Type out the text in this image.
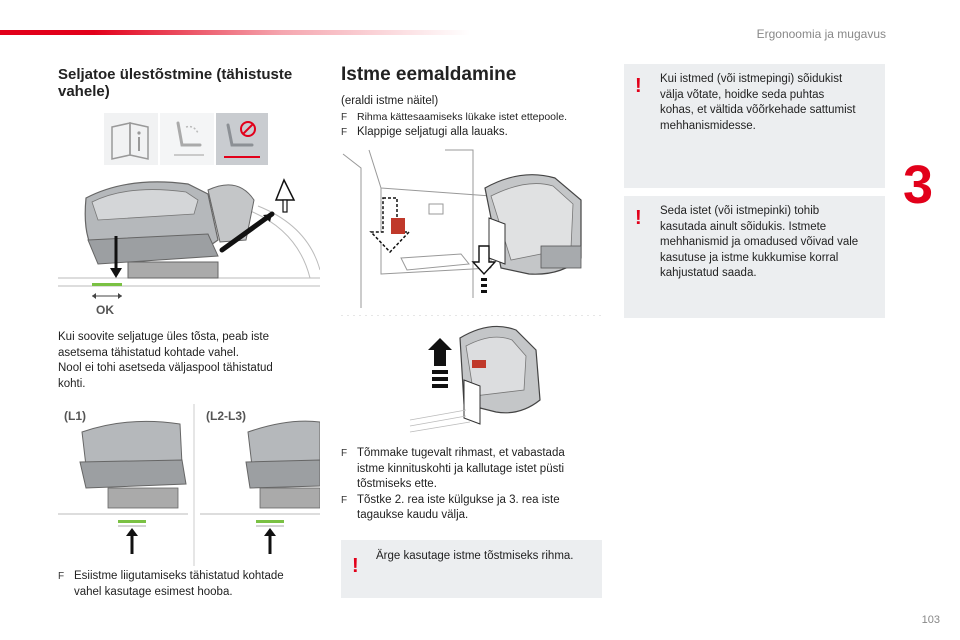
Ergonoomia ja mugavus
3
103
Seljatoe ülestõstmine (tähistuste vahele)
OK
Kui soovite seljatuge üles tõsta, peab iste
asetsema tähistatud kohtade vahel.
Nool ei tohi asetseda väljaspool tähistatud
kohti.
(L1)	(L2-L3)
F Esiistme liigutamiseks tähistatud kohtade
vahel kasutage esimest hooba.
Istme eemaldamine
(eraldi istme näitel)
F Rihma kättesaamiseks lükake istet ettepoole.
F Klappige seljatugi alla lauaks.
F Tõmmake tugevalt rihmast, et vabastada
istme kinnituskohti ja kallutage istet püsti
tõstmiseks ette.
F Tõstke 2. rea iste külgukse ja 3. rea iste
tagaukse kaudu välja.
! Ärge kasutage istme tõstmiseks rihma.
! Kui istmed (või istmepingi) sõidukist
välja võtate, hoidke seda puhtas
kohas, et vältida võõrkehade sattumist
mehhanismidesse.
! Seda istet (või istmepinki) tohib
kasutada ainult sõidukis. Istmete
mehhanismid ja omadused võivad vale
kasutuse ja istme kukkumise korral
kahjustatud saada.
